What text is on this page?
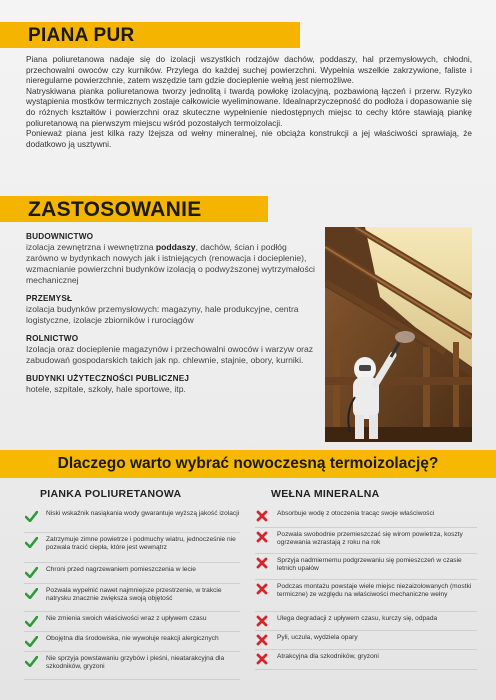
PIANA PUR

Piana poliuretanowa nadaje się do izolacji wszystkich rodzajów dachów, poddaszy, hal przemysłowych, chłodni, przechowalni owoców czy kurników. Przylega do każdej suchej powierzchni. Wypełnia wszelkie zakrzywione, faliste i nieregularne powierzchnie, zatem wszędzie tam gdzie docieplenie wełną jest niemożliwe.

Natryskiwana pianka poliuretanowa tworzy jednolitą i twardą powłokę izolacyjną, pozbawioną łączeń i przerw. Ryzyko wystąpienia mostków termicznych zostaje całkowicie wyeliminowane. Idealnaprzyczepność do podłoża i dopasowanie się do różnych kształtów i powierzchni oraz skuteczne wypełnienie niedostępnych miejsc to cechy które stawiają piankę poliuretanową na pierwszym miejscu wśród pozostałych termoizolacji.

Ponieważ piana jest kilka razy lżejsza od wełny mineralnej, nie obciąża konstrukcji a jej właściwości sprawiają, że dodatkowo ją usztywni.

ZASTOSOWANIE
BUDOWNICTWO
izolacja zewnętrzna i wewnętrzna poddaszy, dachów, ścian i podłóg zarówno w bydynkach nowych jak i istniejących (renowacja i docieplenie), wzmacnianie powierzchni budynków izolacją o podwyższonej wytrzymałości mechanicznej
PRZEMYSŁ
izolacja budynków przemysłowych: magazyny, hale produkcyjne, centra logistyczne, izolacje zbiorników i rurociągów
ROLNICTWO
Izolacja oraz docieplenie magazynów i przechowalni owoców i warzyw oraz zabudowań gospodarskich takich jak np. chlewnie, stajnie, obory, kurniki.
BUDYNKI UŻYTECZNOŚCI PUBLICZNEJ
hotele, szpitale, szkoły, hale sportowe, itp.
Dlaczego warto wybrać nowoczesną termoizolację?
PIANKA POLIURETANOWA	WEŁNA MINERALNA
Niski wskaźnik nasiąkania wody gwarantuje wyższą jakość izolacji
Zatrzymuje zimne powietrze i podmuchy wiatru, jednocześnie nie pozwala tracić ciepła, które jest wewnątrz
Chroni przed nagrzewaniem pomieszczenia w lecie
Pozwala wypełnić nawet najmniejsze przestrzenie, w trakcie natrysku znacznie zwiększa swoją objętość
Nie zmienia swoich właściwości wraz z upływem czasu
Obojętna dla środowiska, nie wywołuje reakcji alergicznych
Nie sprzyja powstawaniu grzybów i pleśni, nieatarakcyjna dla szkodników, gryzoni
Absorbuje wodę z otoczenia tracąc swoje właściwości
Pozwala swobodnie przemieszczać się wirom powietrza, koszty ogrzewania wzrastają z roku na rok
Sprzyja nadmiernemu podgrzewaniu się pomieszczeń w czasie letnich upałów
Podczas montażu powstaje wiele miejsc niezaizolowanych (mostki termiczne) ze względu na właściwości mechaniczne wełny
Ulega degradacji z upływem czasu, kurczy się, odpada
Pyli, uczula, wydziela opary
Atrakcyjna dla szkodników, gryzoni
